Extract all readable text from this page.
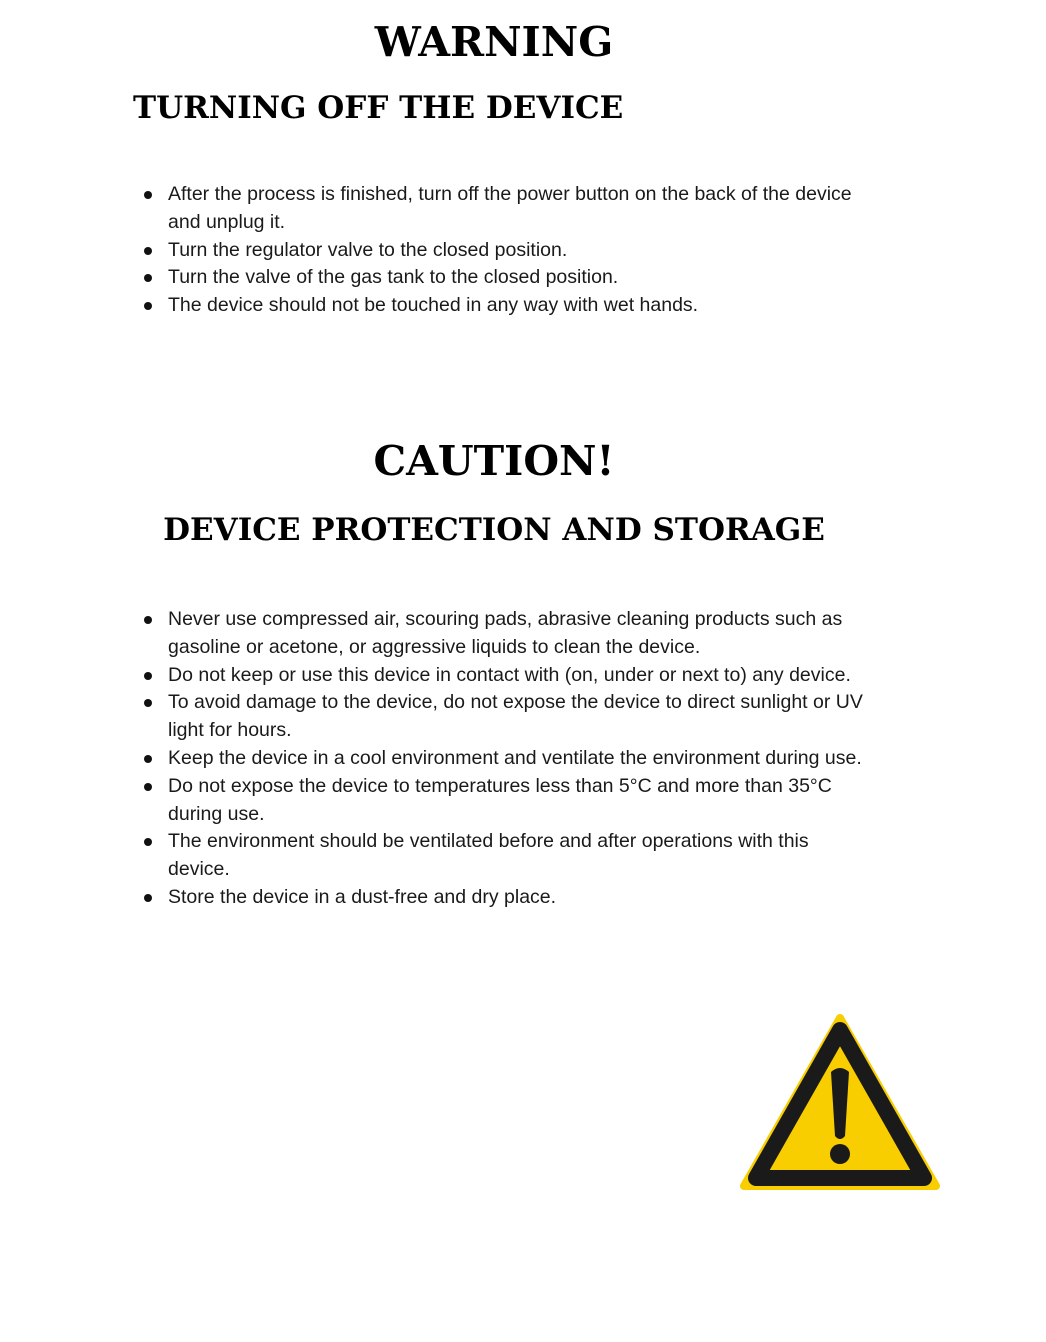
WARNING
TURNING OFF THE DEVICE
After the process is finished, turn off the power button on the back of the device and unplug it.
Turn the regulator valve to the closed position.
Turn the valve of the gas tank to the closed position.
The device should not be touched in any way with wet hands.
CAUTION!
DEVICE PROTECTION AND STORAGE
Never use compressed air, scouring pads, abrasive cleaning products such as gasoline or acetone, or aggressive liquids to clean the device.
Do not keep or use this device in contact with (on, under or next to) any device.
To avoid damage to the device, do not expose the device to direct sunlight or UV light for hours.
Keep the device in a cool environment and ventilate the environment during use.
Do not expose the device to temperatures less than 5°C and more than 35°C during use.
The environment should be ventilated before and after operations with this device.
Store the device in a dust-free and dry place.
